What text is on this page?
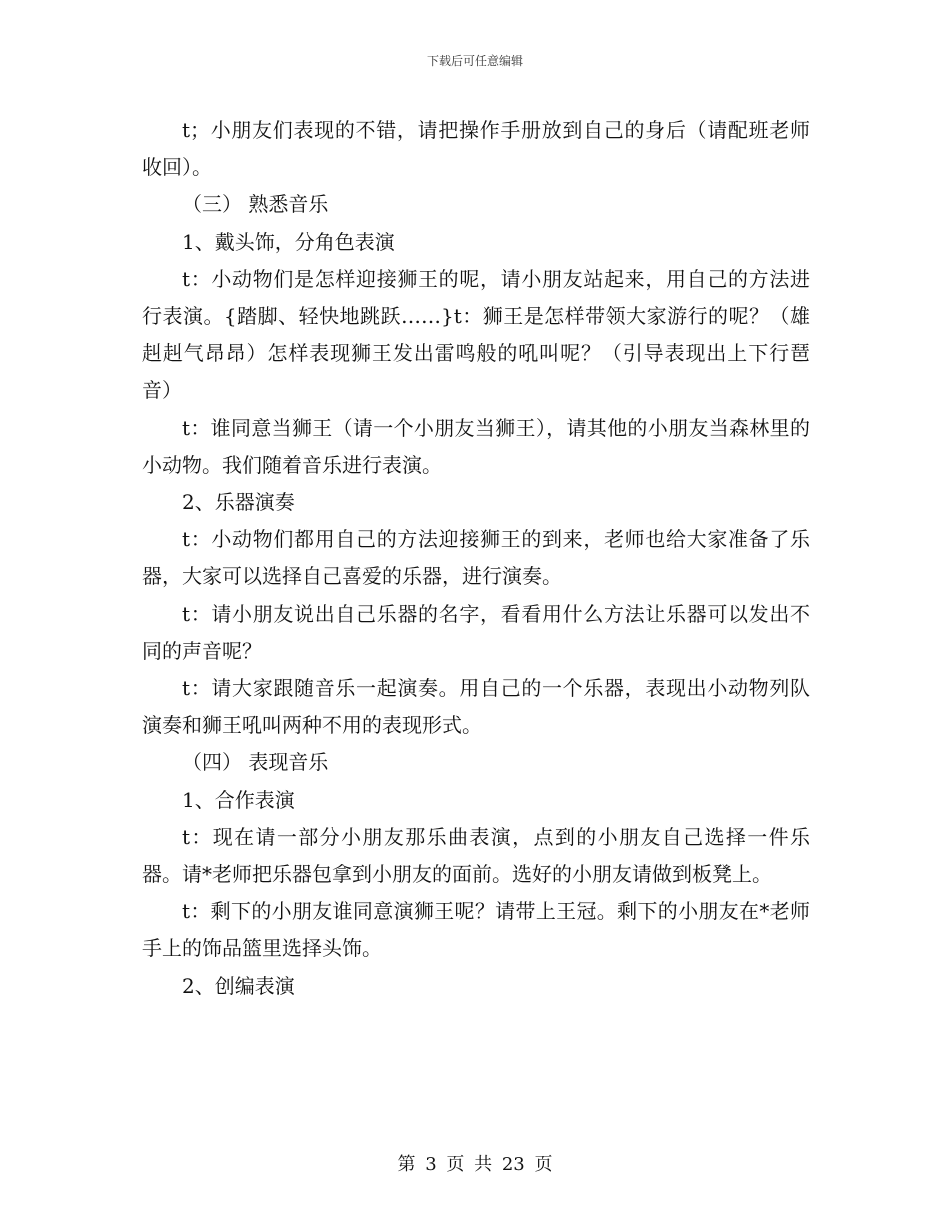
下载后可任意编辑

t；小朋友们表现的不错，请把操作手册放到自己的身后（请配班老师收回）。

（三） 熟悉音乐

1、戴头饰，分角色表演

t：小动物们是怎样迎接狮王的呢，请小朋友站起来，用自己的方法进行表演。{踏脚、轻快地跳跃……}t：狮王是怎样带领大家游行的呢？（雄赳赳气昂昂）怎样表现狮王发出雷鸣般的吼叫呢？（引导表现出上下行琶音）

t：谁同意当狮王（请一个小朋友当狮王），请其他的小朋友当森林里的小动物。我们随着音乐进行表演。

2、乐器演奏

t：小动物们都用自己的方法迎接狮王的到来，老师也给大家准备了乐器，大家可以选择自己喜爱的乐器，进行演奏。

t：请小朋友说出自己乐器的名字，看看用什么方法让乐器可以发出不同的声音呢？

t：请大家跟随音乐一起演奏。用自己的一个乐器，表现出小动物列队演奏和狮王吼叫两种不用的表现形式。

（四） 表现音乐

1、合作表演

t：现在请一部分小朋友那乐曲表演，点到的小朋友自己选择一件乐器。请*老师把乐器包拿到小朋友的面前。选好的小朋友请做到板凳上。

t：剩下的小朋友谁同意演狮王呢？请带上王冠。剩下的小朋友在*老师手上的饰品篮里选择头饰。

2、创编表演

第 3 页 共 23 页
